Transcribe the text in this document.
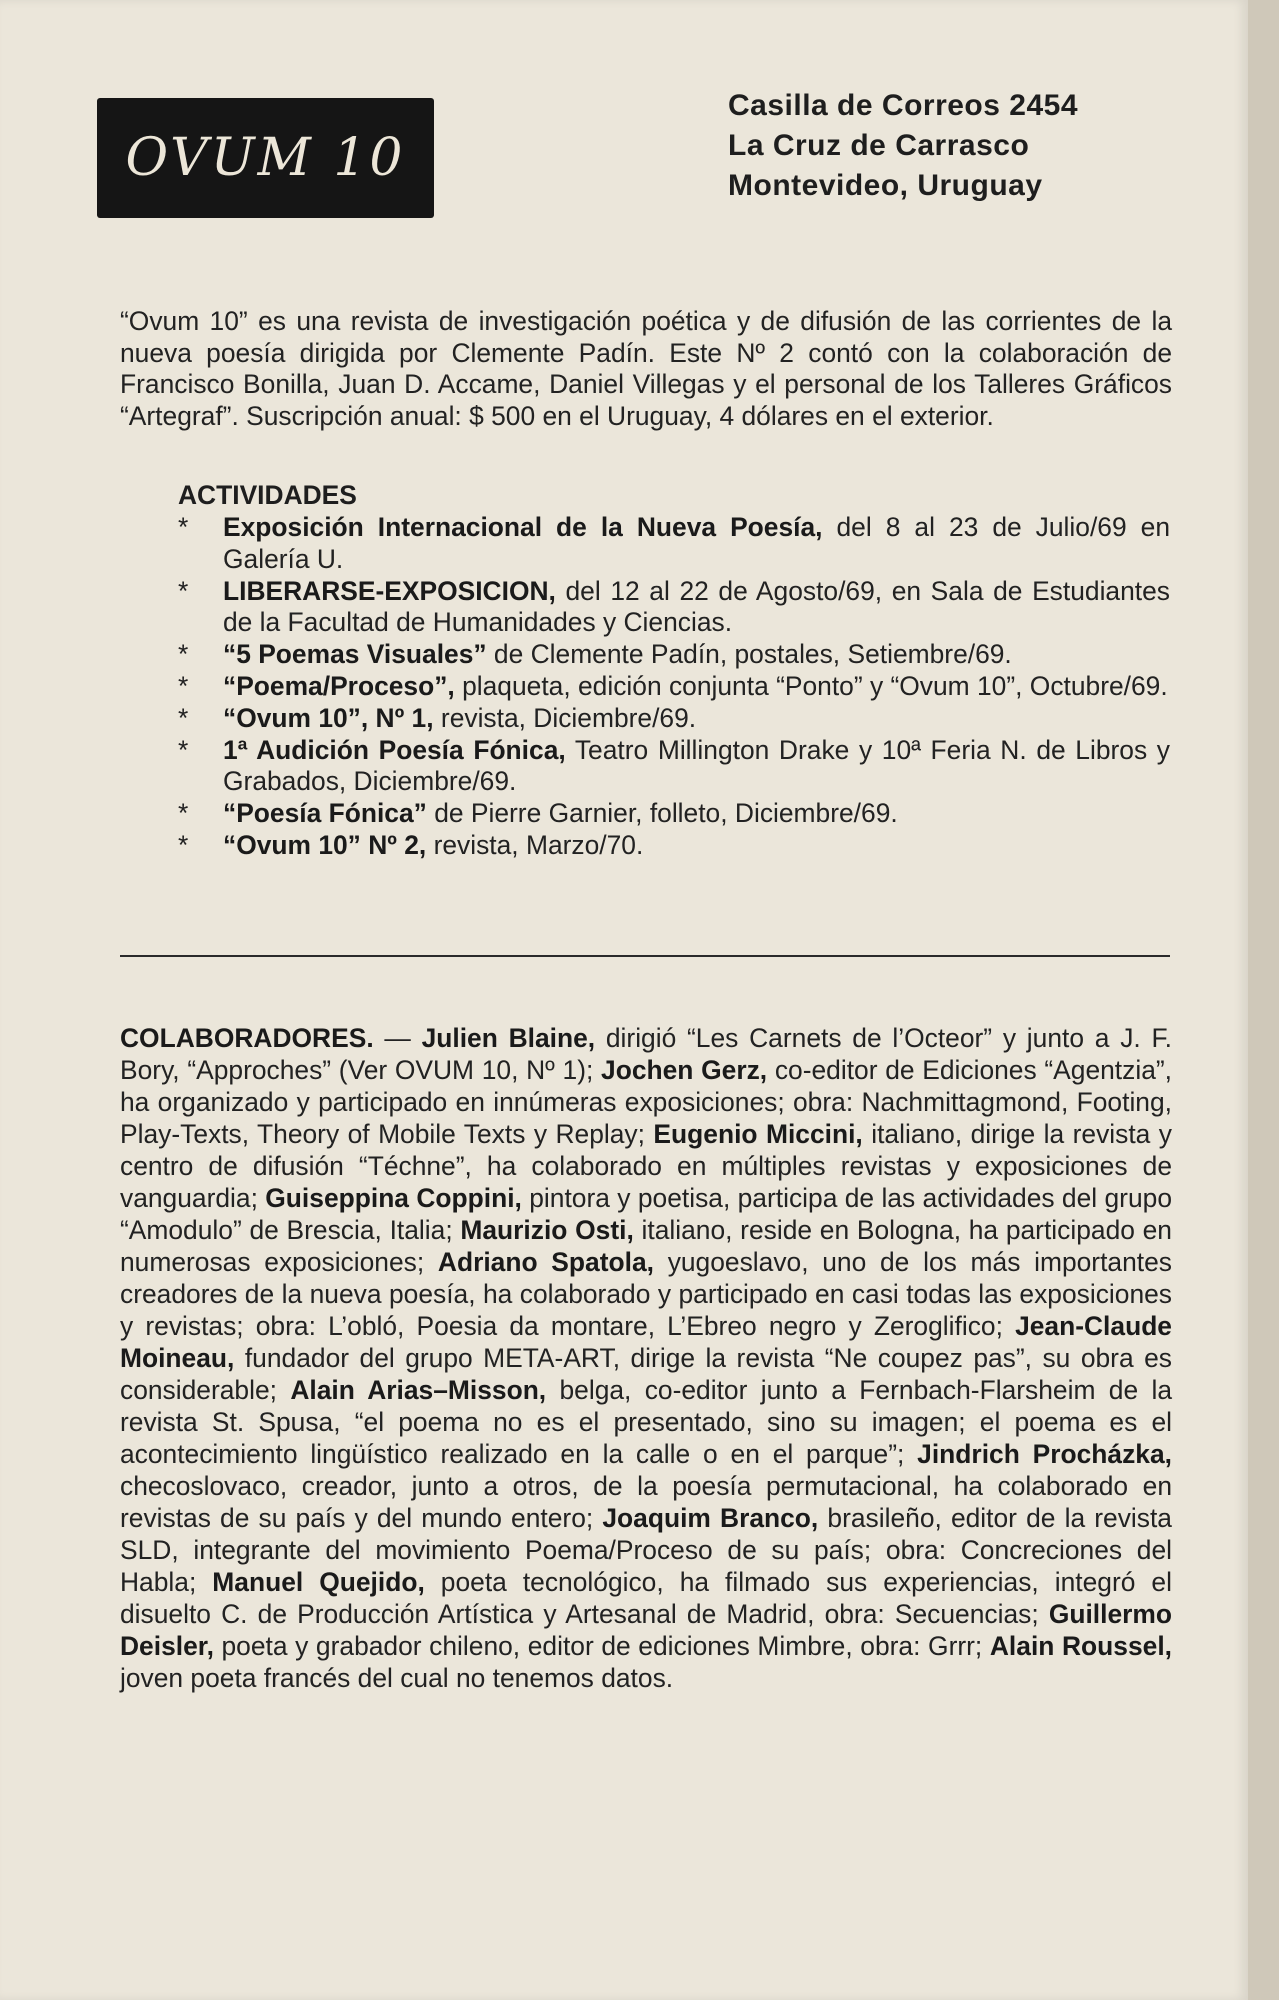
OVUM 10
Casilla de Correos 2454
La Cruz de Carrasco
Montevideo, Uruguay

“Ovum 10” es una revista de investigación poética y de difusión de las corrientes de la nueva poesía dirigida por Clemente Padín. Este Nº 2 contó con la colaboración de Francisco Bonilla, Juan D. Accame, Daniel Villegas y el personal de los Talleres Gráficos “Artegraf”. Suscripción anual: $ 500 en el Uruguay, 4 dólares en el exterior.

ACTIVIDADES
* Exposición Internacional de la Nueva Poesía, del 8 al 23 de Julio/69 en Galería U.
* LIBERARSE-EXPOSICION, del 12 al 22 de Agosto/69, en Sala de Estudiantes de la Facultad de Humanidades y Ciencias.
* “5 Poemas Visuales” de Clemente Padín, postales, Setiembre/69.
* “Poema/Proceso”, plaqueta, edición conjunta “Ponto” y “Ovum 10”, Octubre/69.
* “Ovum 10”, Nº 1, revista, Diciembre/69.
* 1ª Audición Poesía Fónica, Teatro Millington Drake y 10ª Feria N. de Libros y Grabados, Diciembre/69.
* “Poesía Fónica” de Pierre Garnier, folleto, Diciembre/69.
* “Ovum 10” Nº 2, revista, Marzo/70.

COLABORADORES. — Julien Blaine, dirigió “Les Carnets de l’Octeor” y junto a J. F. Bory, “Approches” (Ver OVUM 10, Nº 1); Jochen Gerz, co-editor de Ediciones “Agentzia”, ha organizado y participado en innúmeras exposiciones; obra: Nachmittagmond, Footing, Play-Texts, Theory of Mobile Texts y Replay; Eugenio Miccini, italiano, dirige la revista y centro de difusión “Téchne”, ha colaborado en múltiples revistas y exposiciones de vanguardia; Guiseppina Coppini, pintora y poetisa, participa de las actividades del grupo “Amodulo” de Brescia, Italia; Maurizio Osti, italiano, reside en Bologna, ha participado en numerosas exposiciones; Adriano Spatola, yugoeslavo, uno de los más importantes creadores de la nueva poesía, ha colaborado y participado en casi todas las exposiciones y revistas; obra: L’obló, Poesia da montare, L’Ebreo negro y Zeroglifico; Jean-Claude Moineau, fundador del grupo META-ART, dirige la revista “Ne coupez pas”, su obra es considerable; Alain Arias–Misson, belga, co-editor junto a Fernbach-Flarsheim de la revista St. Spusa, “el poema no es el presentado, sino su imagen; el poema es el acontecimiento lingüístico realizado en la calle o en el parque”; Jindrich Procházka, checoslovaco, creador, junto a otros, de la poesía permutacional, ha colaborado en revistas de su país y del mundo entero; Joaquim Branco, brasileño, editor de la revista SLD, integrante del movimiento Poema/Proceso de su país; obra: Concreciones del Habla; Manuel Quejido, poeta tecnológico, ha filmado sus experiencias, integró el disuelto C. de Producción Artística y Artesanal de Madrid, obra: Secuencias; Guillermo Deisler, poeta y grabador chileno, editor de ediciones Mimbre, obra: Grrr; Alain Roussel, joven poeta francés del cual no tenemos datos.
